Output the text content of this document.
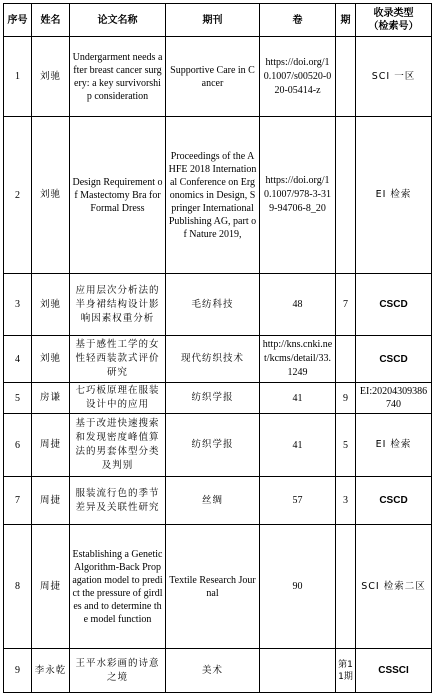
序号	姓名	论文名称	期刊	卷	期	收录类型
（检索号）
1	刘驰	Undergarment needs after breast cancer surgery: a key survivorship consideration	Supportive Care in Cancer	https://doi.org/10.1007/s00520-020-05414-z		SCI 一区
2	刘驰	Design Requirement of Mastectomy Bra for Formal Dress	Proceedings of the AHFE 2018 International Conference on Ergonomics in Design, Springer International Publishing AG, part of Nature 2019,	https://doi.org/10.1007/978-3-319-94706-8_20		EI 检索
3	刘驰	应用层次分析法的半身裙结构设计影响因素权重分析	毛纺科技	48	7	CSCD
4	刘驰	基于感性工学的女性轻西装款式评价研究	现代纺织技术	http://kns.cnki.net/kcms/detail/33.1249		CSCD
5	房谦	七巧板原理在服装设计中的应用	纺织学报	41	9	EI:20204309386740
6	周捷	基于改进快速搜索和发现密度峰值算法的男套体型分类及判别	纺织学报	41	5	EI 检索
7	周捷	服装流行色的季节差异及关联性研究	丝绸	57	3	CSCD
8	周捷	Establishing a Genetic Algorithm-Back Propagation model to predict the pressure of girdles and to determine the model function	Textile Research Journal	90		SCI 检索二区
9	李永乾	王平水彩画的诗意之境	美术		第11期	CSSCI
